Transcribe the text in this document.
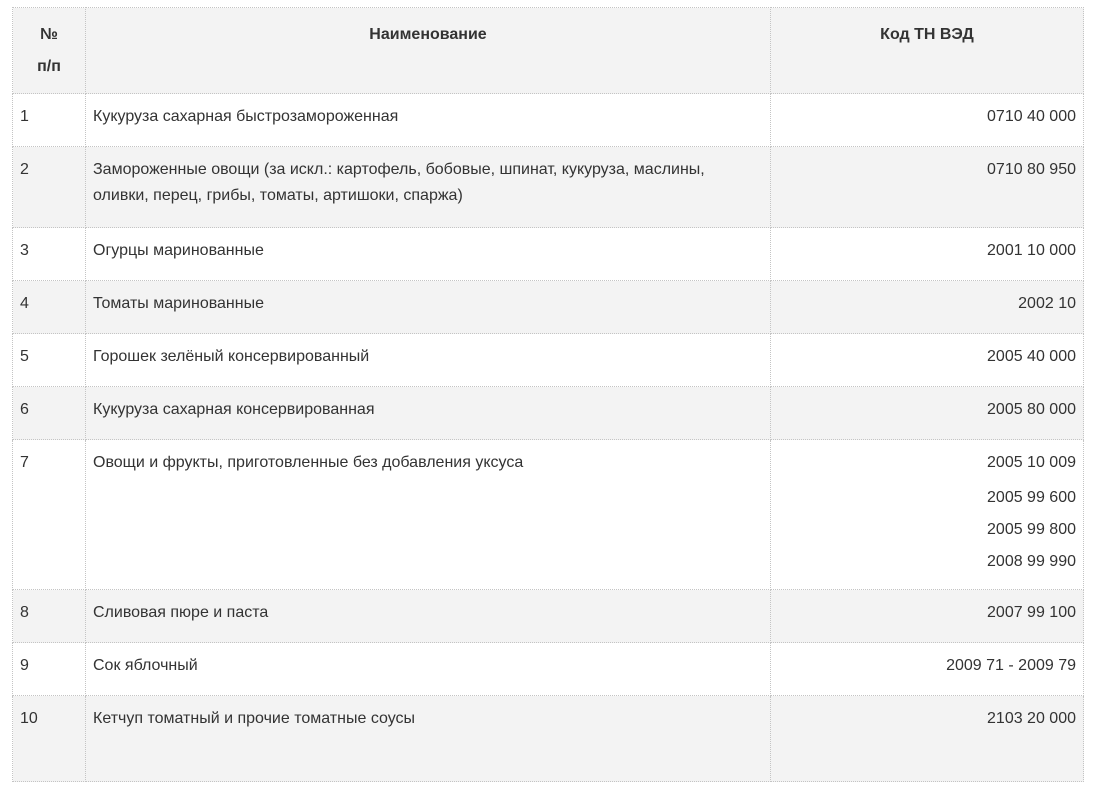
№
п/п	Наименование	Код ТН ВЭД
1	Кукуруза сахарная быстрозамороженная	0710 40 000

2	Замороженные овощи (за искл.: картофель, бобовые, шпинат, кукуруза, маслины, оливки, перец, грибы, томаты, артишоки, спаржа)	0710 80 950

3	Огурцы маринованные	2001 10 000

4	Томаты маринованные	2002 10

5	Горошек зелёный консервированный	2005 40 000

6	Кукуруза сахарная консервированная	2005 80 000

7	Овощи и фрукты, приготовленные без добавления уксуса	2005 10 009
2005 99 600
2005 99 800
2008 99 990

8	Сливовая пюре и паста	2007 99 100

9	Сок яблочный	2009 71 - 2009 79

10	Кетчуп томатный и прочие томатные соусы	2103 20 000
